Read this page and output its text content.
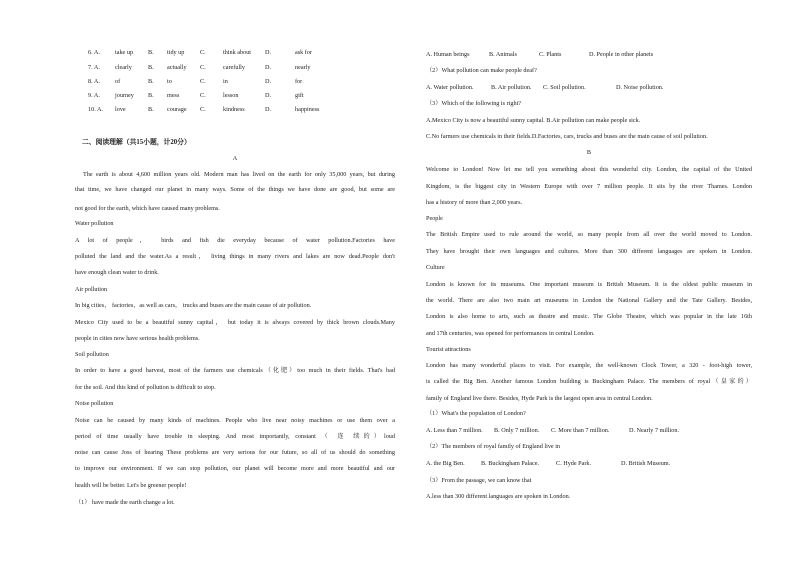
6. A. take up B. tidy up	C.	think about D.	ask for
7. A. clearly	B. actually C.	carefully	D.	nearly
8. A. of	B. to	C.	in	D.	for
9. A. journey B. mess	C.	lesson	D.	gift
10. A. love	B. courage C.	kindness	D.	happiness
二、阅读理解（共15小题，计20分）
A
The earth is about 4,600 million years old. Modern man has lived on the earth for only 35,000 years, but during
that time, we have changed our planet in many ways. Some of the things we have done are good, but some are
not good for the earth, which have caused many problems.
Water pollution
A lot of people， birds and fish die everyday because of water pollution.Factories have
polluted the land and the water.As a result， living things in many rivers and lakes are now dead.People don't
have enough clean water to drink.
Air pollution
In big cities， factories，as well as cars， trucks and buses are the main cause of air pollution.
Mexico City used to be a beautiful sunny capital， but today it is always covered by thick brown clouds.Many
people in cities now have serious health problems.
Soil pollution
In order to have a good harvest, most of the farmers use chemicals（化肥）too much in their fields. That's bad
for the soil. And this kind of pollution is difficult to stop.
Noise pollution
Noise can be caused by many kinds of machines. People who live near noisy machines or use them over a
period of time usually have trouble in sleeping. And most importantly, constant （ 连 续的）loud
noise can cause Joss of hearing These problems are very serious for our future, so all of us should do something
to improve our environment. If we can stop pollution, our planet will become more and more beautiful and our
health will be better. Let's be greener people!
（1） have made the earth change a lot.
A. Human beings	B. Animals	C. Plants	D. People in other planets
（2）What pollution can make people deaf?
A. Water pollution.	B. Air pollution. C. Soil pollution.	D. Noise pollution.
（3）Which of the following is right?
A.Mexico City is now a beautiful sunny capital. B.Air pollution can make people sick.
C.No farmers use chemicals in their fields.D.Factories, cars, trucks and buses are the main cause of soil pollution.
B
Welcome to London! Now let me tell you something about this wonderful city. London, the capital of the United
Kingdom, is the biggest city in Western Europe with over 7 million people. It sits by the river Thames. London
has a history of more than 2,000 years.
People
The British Empire used to rule around the world, so many people from all over the world moved to London.
They have brought their own languages and cultures. More than 300 different languages are spoken in London.
Culture
London is known for its museums. One important museum is British Museum. It is the oldest public museum in
the world. There are also two main art museums in London the National Gallery and the Tate Gallery. Besides,
London is also home to arts, such as theatre and music. The Globe Theatre, which was popular in the late 16th
and 17th centuries, was opened for performances in central London.
Tourist attractions
London has many wonderful places to visit. For example, the well-known Clock Tower, a 320 - foot-high tower,
is called the Big Ben. Another famous London building is Buckingham Palace. The members of royal（皇家的）
family of England live there. Besides, Hyde Park is the largest open area in central London.
（1）What's the population of London?
A. Less than 7 million. B. Only 7 million. C. More than 7 million.	D. Nearly 7 million.
（2）The members of royal family of England live in
A. the Big Ben.	B. Buckingham Palace.	C. Hyde Park.	D. British Museum.
（3）From the passage, we can know that
A.less than 300 different languages are spoken in London.
